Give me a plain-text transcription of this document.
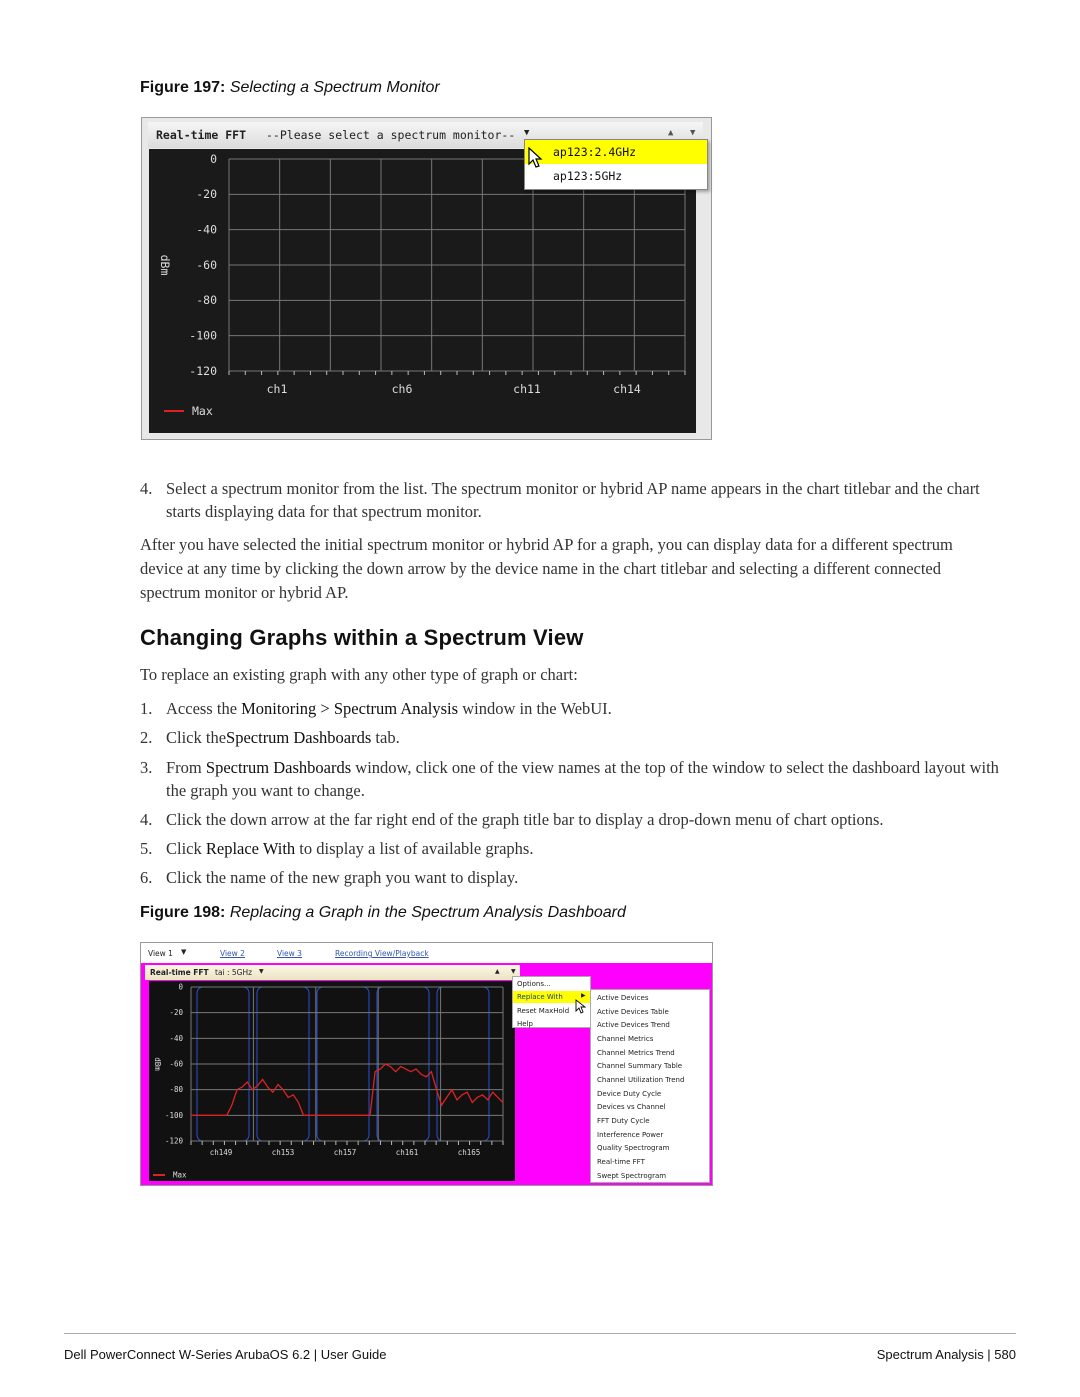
Figure 197: Selecting a Spectrum Monitor
Real-time FFT --Please select a spectrum monitor-- ▼	▲ ▼
0
-20
-40
-60
-80
-100
-120
ch1	ch6	ch11	ch14
dBm
Max
ap123:2.4GHz
ap123:5GHz
4. Select a spectrum monitor from the list. The spectrum monitor or hybrid AP name appears in the chart titlebar and the chart starts displaying data for that spectrum monitor.
After you have selected the initial spectrum monitor or hybrid AP for a graph, you can display data for a different spectrum device at any time by clicking the down arrow by the device name in the chart titlebar and selecting a different connected spectrum monitor or hybrid AP.
Changing Graphs within a Spectrum View
To replace an existing graph with any other type of graph or chart:
1. Access the Monitoring > Spectrum Analysis window in the WebUI.
2. Click theSpectrum Dashboards tab.
3. From Spectrum Dashboards window, click one of the view names at the top of the window to select the dashboard layout with the graph you want to change.
4. Click the down arrow at the far right end of the graph title bar to display a drop-down menu of chart options.
5. Click Replace With to display a list of available graphs.
6. Click the name of the new graph you want to display.
Figure 198: Replacing a Graph in the Spectrum Analysis Dashboard
View 1 ▼	View 2	View 3	Recording View/Playback
Real-time FFT tai : 5GHz ▼	▲ ▼
0
-20
-40
-60
-80
-100
-120
ch149	ch153	ch157	ch161	ch165
dBm
Max
Options...
Replace With	▶
Reset MaxHold
Help
Active Devices
Active Devices Table
Active Devices Trend
Channel Metrics
Channel Metrics Trend
Channel Summary Table
Channel Utilization Trend
Device Duty Cycle
Devices vs Channel
FFT Duty Cycle
Interference Power
Quality Spectrogram
Real-time FFT
Swept Spectrogram
Dell PowerConnect W-Series ArubaOS 6.2 | User Guide	Spectrum Analysis | 580
